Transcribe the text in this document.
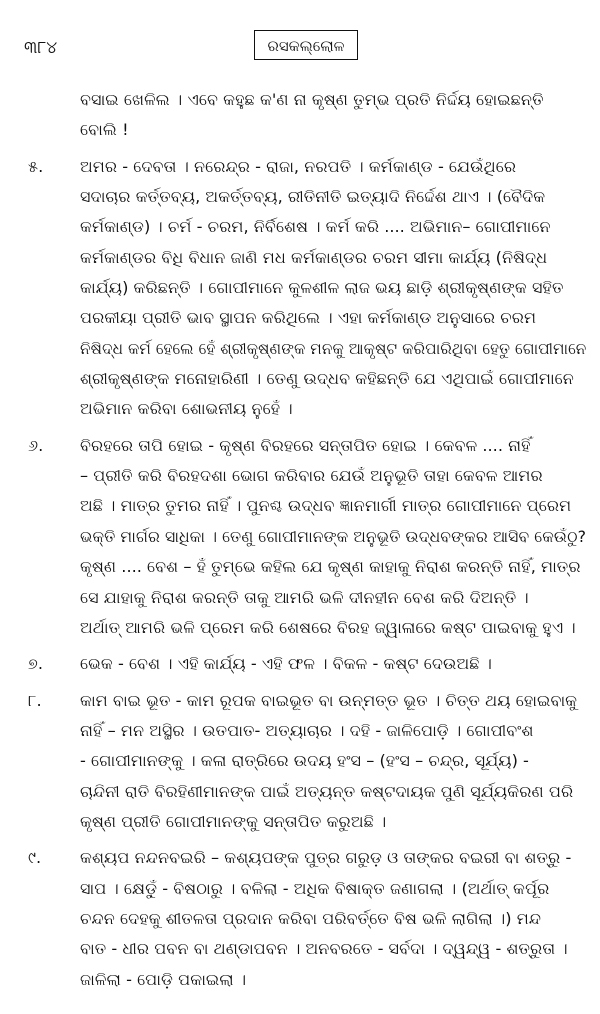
୩୮୪	ରସକଲ୍ଲୋଳ
ବସାଇ ଖେଳିଲ । ଏବେ କହୁଛ କ'ଣ ନା କୃଷ୍ଣ ତୁମ୍ଭ ପ୍ରତି ନିର୍ଦ୍ଦୟ ହୋଇଛନ୍ତି
ବୋଲି !
୫. ଅମର - ଦେବତା । ନରେନ୍ଦ୍ର - ରାଜା, ନରପତି । କର୍ମକାଣ୍ଡ - ଯେଉଁଥିରେ
ସଦାଚାର କର୍ତ୍ତବ୍ୟ, ଅକର୍ତ୍ତବ୍ୟ, ରୀତିନୀତି ଇତ୍ୟାଦି ନିର୍ଦ୍ଦେଶ ଥାଏ । (ବୈଦିକ
କର୍ମକାଣ୍ଡ) । ଚର୍ମ - ଚରମ, ନିର୍ବିଶେଷ । କର୍ମ କରି .... ଅଭିମାନ– ଗୋପୀମାନେ
କର୍ମକାଣ୍ଡର ବିଧି ବିଧାନ ଜାଣି ମଧ କର୍ମକାଣ୍ଡର ଚରମ ସୀମା କାର୍ଯ୍ୟ (ନିଷିଦ୍ଧ
କାର୍ଯ୍ୟ) କରିଛନ୍ତି । ଗୋପୀମାନେ କୁଳଶୀଳ ଲାଜ ଭୟ ଛାଡ଼ି ଶ୍ରୀକୃଷ୍ଣଙ୍କ ସହିତ
ପରକୀୟା ପ୍ରୀତି ଭାବ ସ୍ଥାପନ କରିଥିଲେ । ଏହା କର୍ମକାଣ୍ଡ ଅନୁସାରେ ଚରମ
ନିଷିଦ୍ଧ କର୍ମ ହେଲେ ହେଁ ଶ୍ରୀକୃଷ୍ଣଙ୍କ ମନକୁ ଆକୃଷ୍ଟ କରିପାରିଥିବା ହେତୁ ଗୋପୀମାନେ
ଶ୍ରୀକୃଷ୍ଣଙ୍କ ମନୋହାରିଣୀ । ତେଣୁ ଉଦ୍ଧବ କହିଛନ୍ତି ଯେ ଏଥିପାଇଁ ଗୋପୀମାନେ
ଅଭିମାନ କରିବା ଶୋଭନୀୟ ନୁହେଁ ।
୬. ବିରହରେ ତାପି ହୋଇ - କୃଷ୍ଣ ବିରହରେ ସନ୍ତାପିତ ହୋଇ । କେବଳ .... ନାହିଁ
– ପ୍ରୀତି କରି ବିରହଦଶା ଭୋଗ କରିବାର ଯେଉଁ ଅନୁଭୂତି ତାହା କେବଳ ଆମର
ଅଛି । ମାତ୍ର ତୁମର ନାହିଁ । ପୁନଶ୍ଚ ଉଦ୍ଧବ ଜ୍ଞାନମାର୍ଗୀ ମାତ୍ର ଗୋପୀମାନେ ପ୍ରେମ
ଭକ୍ତି ମାର୍ଗର ସାଧିକା । ତେଣୁ ଗୋପୀମାନଙ୍କ ଅନୁଭୂତି ଉଦ୍ଧବଙ୍କର ଆସିବ କେଉଁଠୁ?
କୃଷ୍ଣ .... ବେଶ – ହଁ ତୁମ୍ଭେ କହିଲ ଯେ କୃଷ୍ଣ କାହାକୁ ନିରାଶ କରନ୍ତି ନାହିଁ, ମାତ୍ର
ସେ ଯାହାକୁ ନିରାଶ କରନ୍ତି ତାକୁ ଆମରି ଭଳି ଦୀନହୀନ ବେଶ କରି ଦିଅନ୍ତି ।
ଅର୍ଥାତ୍ ଆମରି ଭଳି ପ୍ରେମ କରି ଶେଷରେ ବିରହ ଜ୍ୱାଳାରେ କଷ୍ଟ ପାଇବାକୁ ହୁଏ ।
୭. ଭେକ - ବେଶ । ଏହି କାର୍ଯ୍ୟ - ଏହି ଫଳ । ବିକଳ - କଷ୍ଟ ଦେଉଅଛି ।
୮. କାମ ବାଇ ଭୂତ - କାମ ରୂପକ ବାଇଭୂତ ବା ଉନ୍ମତ୍ତ ଭୂତ । ଚିତ୍ତ ଥୟ ହୋଇବାକୁ
ନାହିଁ – ମନ ଅସ୍ଥିର । ଉତପାତ- ଅତ୍ୟାଚାର । ଦହି - ଜାଳିପୋଡ଼ି । ଗୋପୀବଂଶ
- ଗୋପୀମାନଙ୍କୁ । କଳା ରାତ୍ରିରେ ଉଦୟ ହଂସ – (ହଂସ – ଚନ୍ଦ୍ର, ସୂର୍ଯ୍ୟ) -
ଚାନ୍ଦିନୀ ରାତି ବିରହିଣୀମାନଙ୍କ ପାଇଁ ଅତ୍ୟନ୍ତ କଷ୍ଟଦାୟକ ପୁଣି ସୂର୍ଯ୍ୟକିରଣ ପରି
କୃଷ୍ଣ ପ୍ରୀତି ଗୋପୀମାନଙ୍କୁ ସନ୍ତାପିତ କରୁଅଛି ।
୯. କଶ୍ୟପ ନନ୍ଦନବଇରି – କଶ୍ୟପଙ୍କ ପୁତ୍ର ଗରୁଡ଼ ଓ ତାଙ୍କର ବଇରୀ ବା ଶତ୍ରୁ -
ସାପ । କ୍ଷେଡ଼ୁଁ - ବିଷଠାରୁ । ବଳିଲା - ଅଧିକ ବିଷାକ୍ତ ଜଣାଗଲା । (ଅର୍ଥାତ୍ କର୍ପୂର
ଚନ୍ଦନ ଦେହକୁ ଶୀତଳତା ପ୍ରଦାନ କରିବା ପରିବର୍ତ୍ତେ ବିଷ ଭଳି ଲାଗିଲା ।) ମନ୍ଦ
ବାତ - ଧୀର ପବନ ବା ଥଣ୍ଡାପବନ । ଅନବରତେ - ସର୍ବଦା । ଦ୍ୱନ୍ଦ୍ୱ - ଶତ୍ରୁତା ।
ଜାଳିଲା - ପୋଡ଼ି ପକାଇଲା ।
